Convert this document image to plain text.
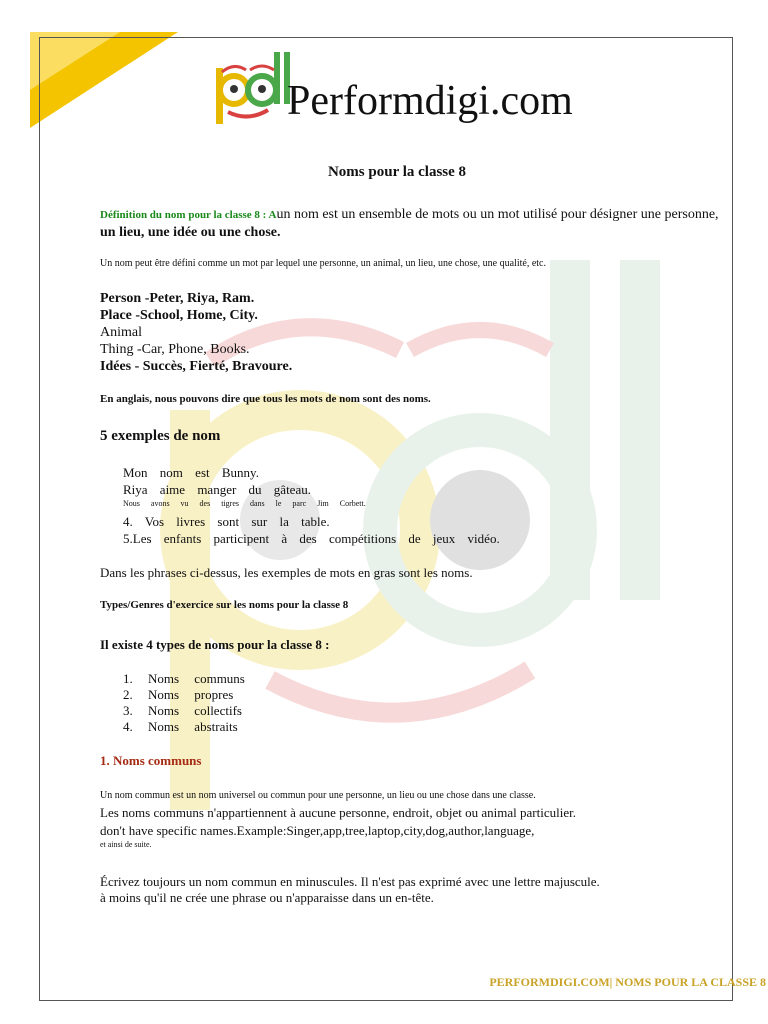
Performdigi.com
Noms pour la classe 8
Définition du nom pour la classe 8 : Aun nom est un ensemble de mots ou un mot utilisé pour désigner une personne,
un lieu, une idée ou une chose.
Un nom peut être défini comme un mot par lequel une personne, un animal, un lieu, une chose, une qualité, etc.
Person -Peter, Riya, Ram.
Place -School, Home, City.
Animal
Thing -Car, Phone, Books.
Idées - Succès, Fierté, Bravoure.
En anglais, nous pouvons dire que tous les mots de nom sont des noms.
5 exemples de nom
Mon nom est Bunny.
Riya aime manger du gâteau.
Nous avons vu des tigres dans le parc Jim Corbett.
4. Vos livres sont sur la table.
5.Les enfants participent à des compétitions de jeux vidéo.
Dans les phrases ci-dessus, les exemples de mots en gras sont les noms.
Types/Genres d'exercice sur les noms pour la classe 8
Il existe 4 types de noms pour la classe 8 :
1. Noms communs
2. Noms propres
3. Noms collectifs
4. Noms abstraits
1. Noms communs
Un nom commun est un nom universel ou commun pour une personne, un lieu ou une chose dans une classe.
Les noms communs n'appartiennent à aucune personne, endroit, objet ou animal particulier.
don't have specific names.Example:Singer,app,tree,laptop,city,dog,author,language,
et ainsi de suite.
Écrivez toujours un nom commun en minuscules. Il n'est pas exprimé avec une lettre majuscule.
à moins qu'il ne crée une phrase ou n'apparaisse dans un en-tête.
PERFORMDIGI.COM| NOMS POUR LA CLASSE 8
